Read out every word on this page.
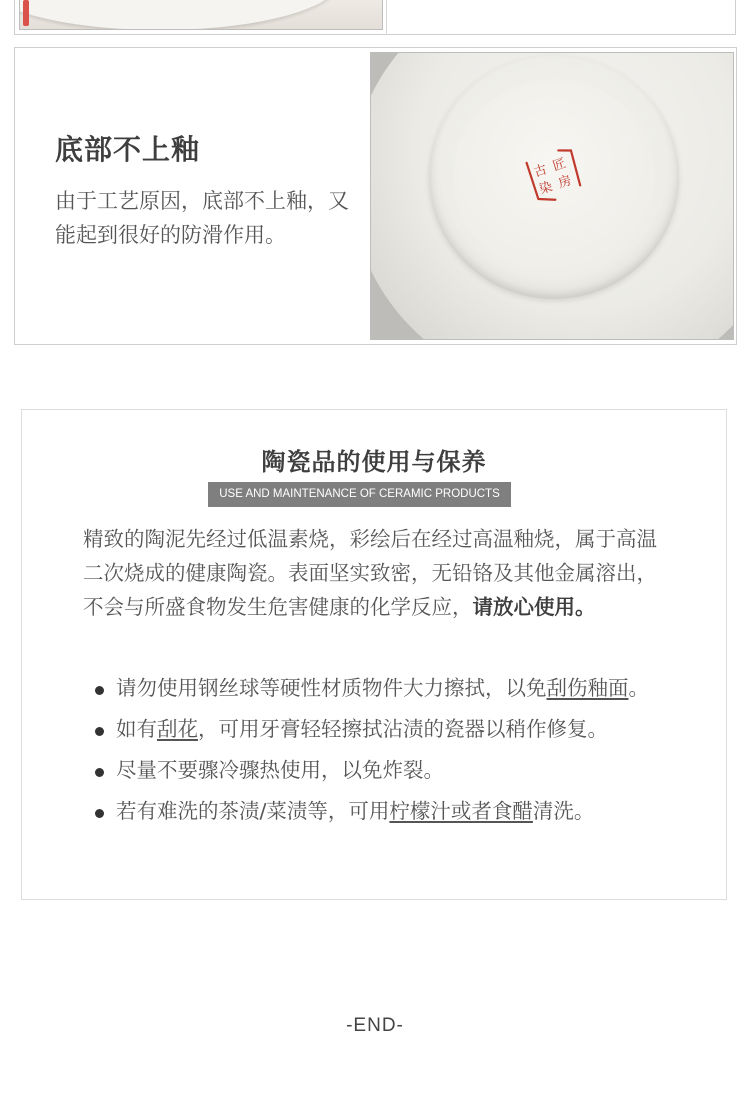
底部不上釉
由于工艺原因，底部不上釉，又能起到很好的防滑作用。
古
染
匠
房
陶瓷品的使用与保养
USE AND MAINTENANCE OF CERAMIC PRODUCTS
精致的陶泥先经过低温素烧，彩绘后在经过高温釉烧，属于高温二次烧成的健康陶瓷。表面坚实致密，无铅铬及其他金属溶出，不会与所盛食物发生危害健康的化学反应，请放心使用。
请勿使用钢丝球等硬性材质物件大力擦拭，以免刮伤釉面。
如有刮花，可用牙膏轻轻擦拭沾渍的瓷器以稍作修复。
尽量不要骤冷骤热使用，以免炸裂。
若有难洗的茶渍/菜渍等，可用柠檬汁或者食醋清洗。
-END-
